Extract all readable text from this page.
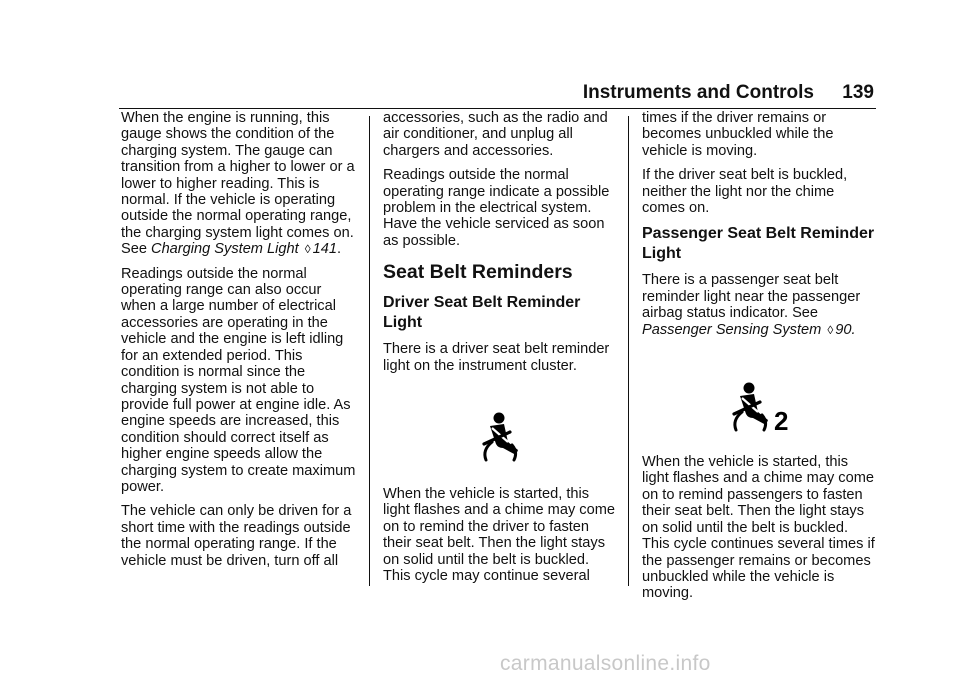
Instruments and Controls 139

When the engine is running, this gauge shows the condition of the charging system. The gauge can transition from a higher to lower or a lower to higher reading. This is normal. If the vehicle is operating outside the normal operating range, the charging system light comes on. See Charging System Light ◊ 141.

Readings outside the normal operating range can also occur when a large number of electrical accessories are operating in the vehicle and the engine is left idling for an extended period. This condition is normal since the charging system is not able to provide full power at engine idle. As engine speeds are increased, this condition should correct itself as higher engine speeds allow the charging system to create maximum power.

The vehicle can only be driven for a short time with the readings outside the normal operating range. If the vehicle must be driven, turn off all

accessories, such as the radio and air conditioner, and unplug all chargers and accessories.

Readings outside the normal operating range indicate a possible problem in the electrical system. Have the vehicle serviced as soon as possible.

Seat Belt Reminders
Driver Seat Belt Reminder Light

There is a driver seat belt reminder light on the instrument cluster.

When the vehicle is started, this light flashes and a chime may come on to remind the driver to fasten their seat belt. Then the light stays on solid until the belt is buckled. This cycle may continue several

times if the driver remains or becomes unbuckled while the vehicle is moving.

If the driver seat belt is buckled, neither the light nor the chime comes on.

Passenger Seat Belt Reminder Light

There is a passenger seat belt reminder light near the passenger airbag status indicator. See Passenger Sensing System ◊ 90.

2

When the vehicle is started, this light flashes and a chime may come on to remind passengers to fasten their seat belt. Then the light stays on solid until the belt is buckled. This cycle continues several times if the passenger remains or becomes unbuckled while the vehicle is moving.

carmanualsonline.info
